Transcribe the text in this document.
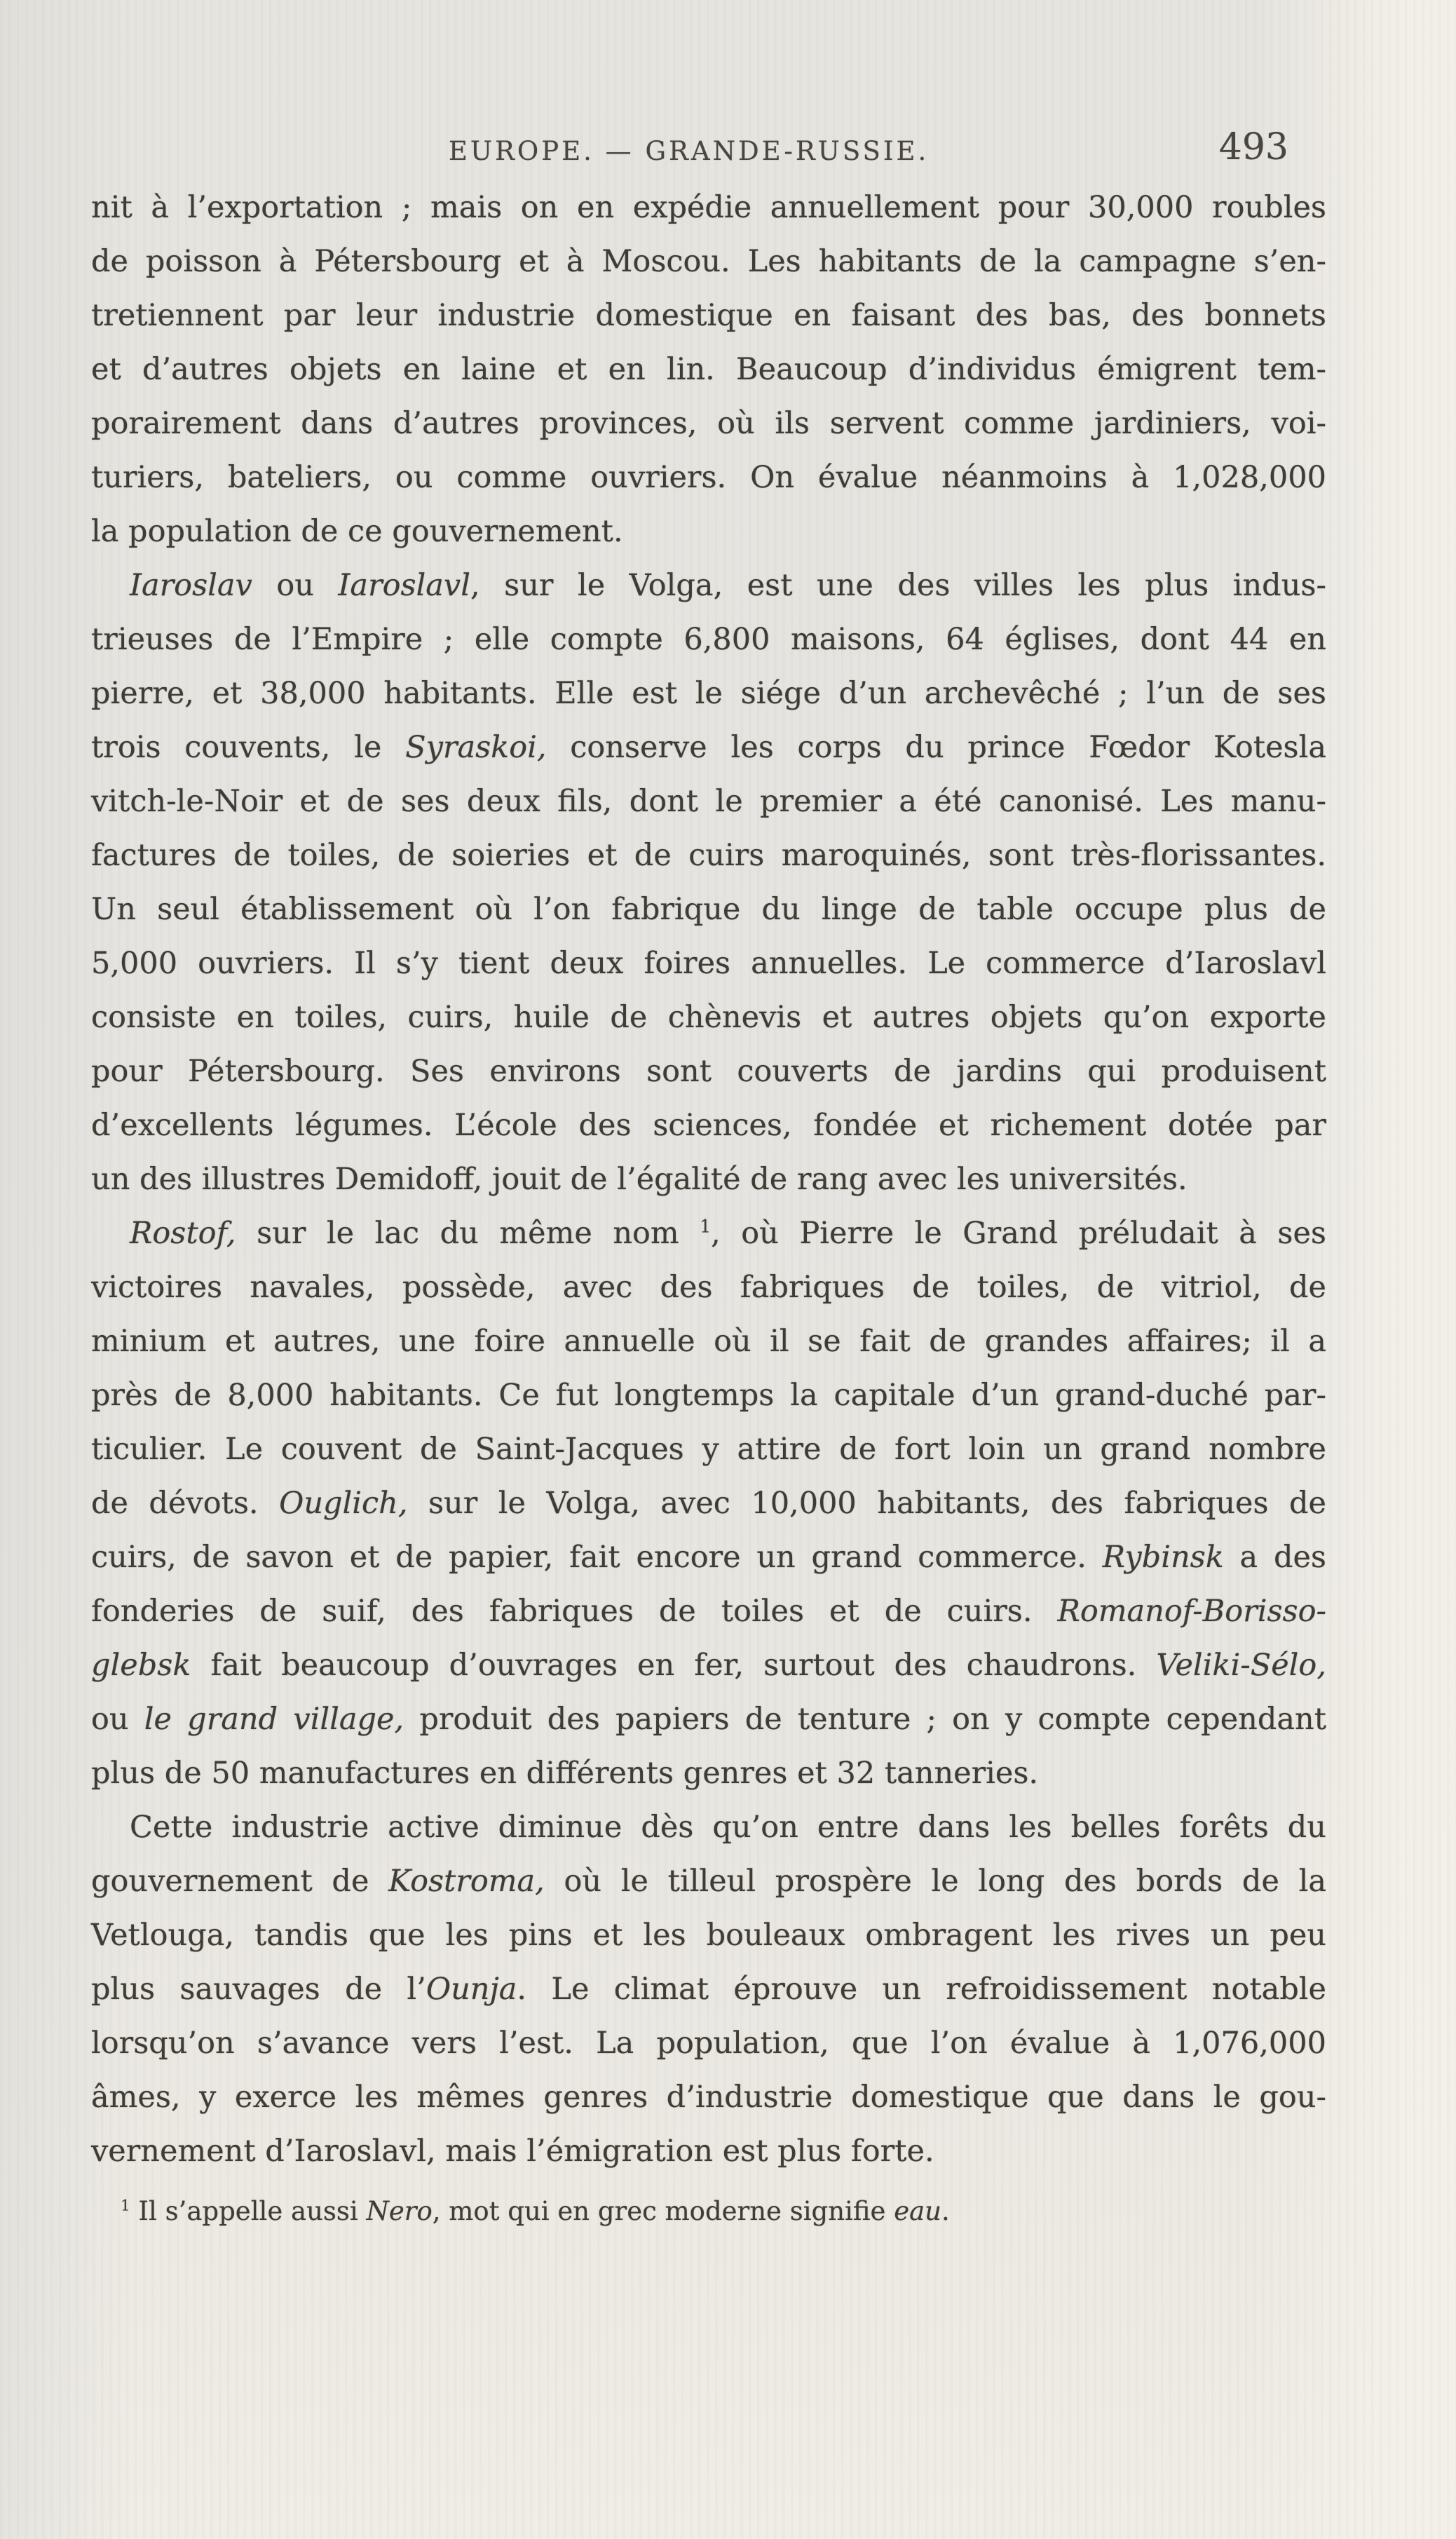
EUROPE. — GRANDE-RUSSIE.	493

nit à l’exportation ; mais on en expédie annuellement pour 30,000 roubles
de poisson à Pétersbourg et à Moscou. Les habitants de la campagne s’en-
tretiennent par leur industrie domestique en faisant des bas, des bonnets
et d’autres objets en laine et en lin. Beaucoup d’individus émigrent tem-
porairement dans d’autres provinces, où ils servent comme jardiniers, voi-
turiers, bateliers, ou comme ouvriers. On évalue néanmoins à 1,028,000
la population de ce gouvernement.

Iaroslav ou Iaroslavl, sur le Volga, est une des villes les plus indus-
trieuses de l’Empire ; elle compte 6,800 maisons, 64 églises, dont 44 en
pierre, et 38,000 habitants. Elle est le siége d’un archevêché ; l’un de ses
trois couvents, le Syraskoi, conserve les corps du prince Fœdor Kotesla
vitch-le-Noir et de ses deux fils, dont le premier a été canonisé. Les manu-
factures de toiles, de soieries et de cuirs maroquinés, sont très-florissantes.
Un seul établissement où l’on fabrique du linge de table occupe plus de
5,000 ouvriers. Il s’y tient deux foires annuelles. Le commerce d’Iaroslavl
consiste en toiles, cuirs, huile de chènevis et autres objets qu’on exporte
pour Pétersbourg. Ses environs sont couverts de jardins qui produisent
d’excellents légumes. L’école des sciences, fondée et richement dotée par
un des illustres Demidoff, jouit de l’égalité de rang avec les universités.

Rostof, sur le lac du même nom $^1$, où Pierre le Grand préludait à ses
victoires navales, possède, avec des fabriques de toiles, de vitriol, de
minium et autres, une foire annuelle où il se fait de grandes affaires; il a
près de 8,000 habitants. Ce fut longtemps la capitale d’un grand-duché par-
ticulier. Le couvent de Saint-Jacques y attire de fort loin un grand nombre
de dévots. Ouglich, sur le Volga, avec 10,000 habitants, des fabriques de
cuirs, de savon et de papier, fait encore un grand commerce. Rybinsk a des
fonderies de suif, des fabriques de toiles et de cuirs. Romanof-Borisso-
glebsk fait beaucoup d’ouvrages en fer, surtout des chaudrons. Veliki-Sélo,
ou le grand village, produit des papiers de tenture ; on y compte cependant
plus de 50 manufactures en différents genres et 32 tanneries.

Cette industrie active diminue dès qu’on entre dans les belles forêts du
gouvernement de Kostroma, où le tilleul prospère le long des bords de la
Vetlouga, tandis que les pins et les bouleaux ombragent les rives un peu
plus sauvages de l’Ounja. Le climat éprouve un refroidissement notable
lorsqu’on s’avance vers l’est. La population, que l’on évalue à 1,076,000
âmes, y exerce les mêmes genres d’industrie domestique que dans le gou-
vernement d’Iaroslavl, mais l’émigration est plus forte.

$^1$ Il s’appelle aussi Nero, mot qui en grec moderne signifie eau.
